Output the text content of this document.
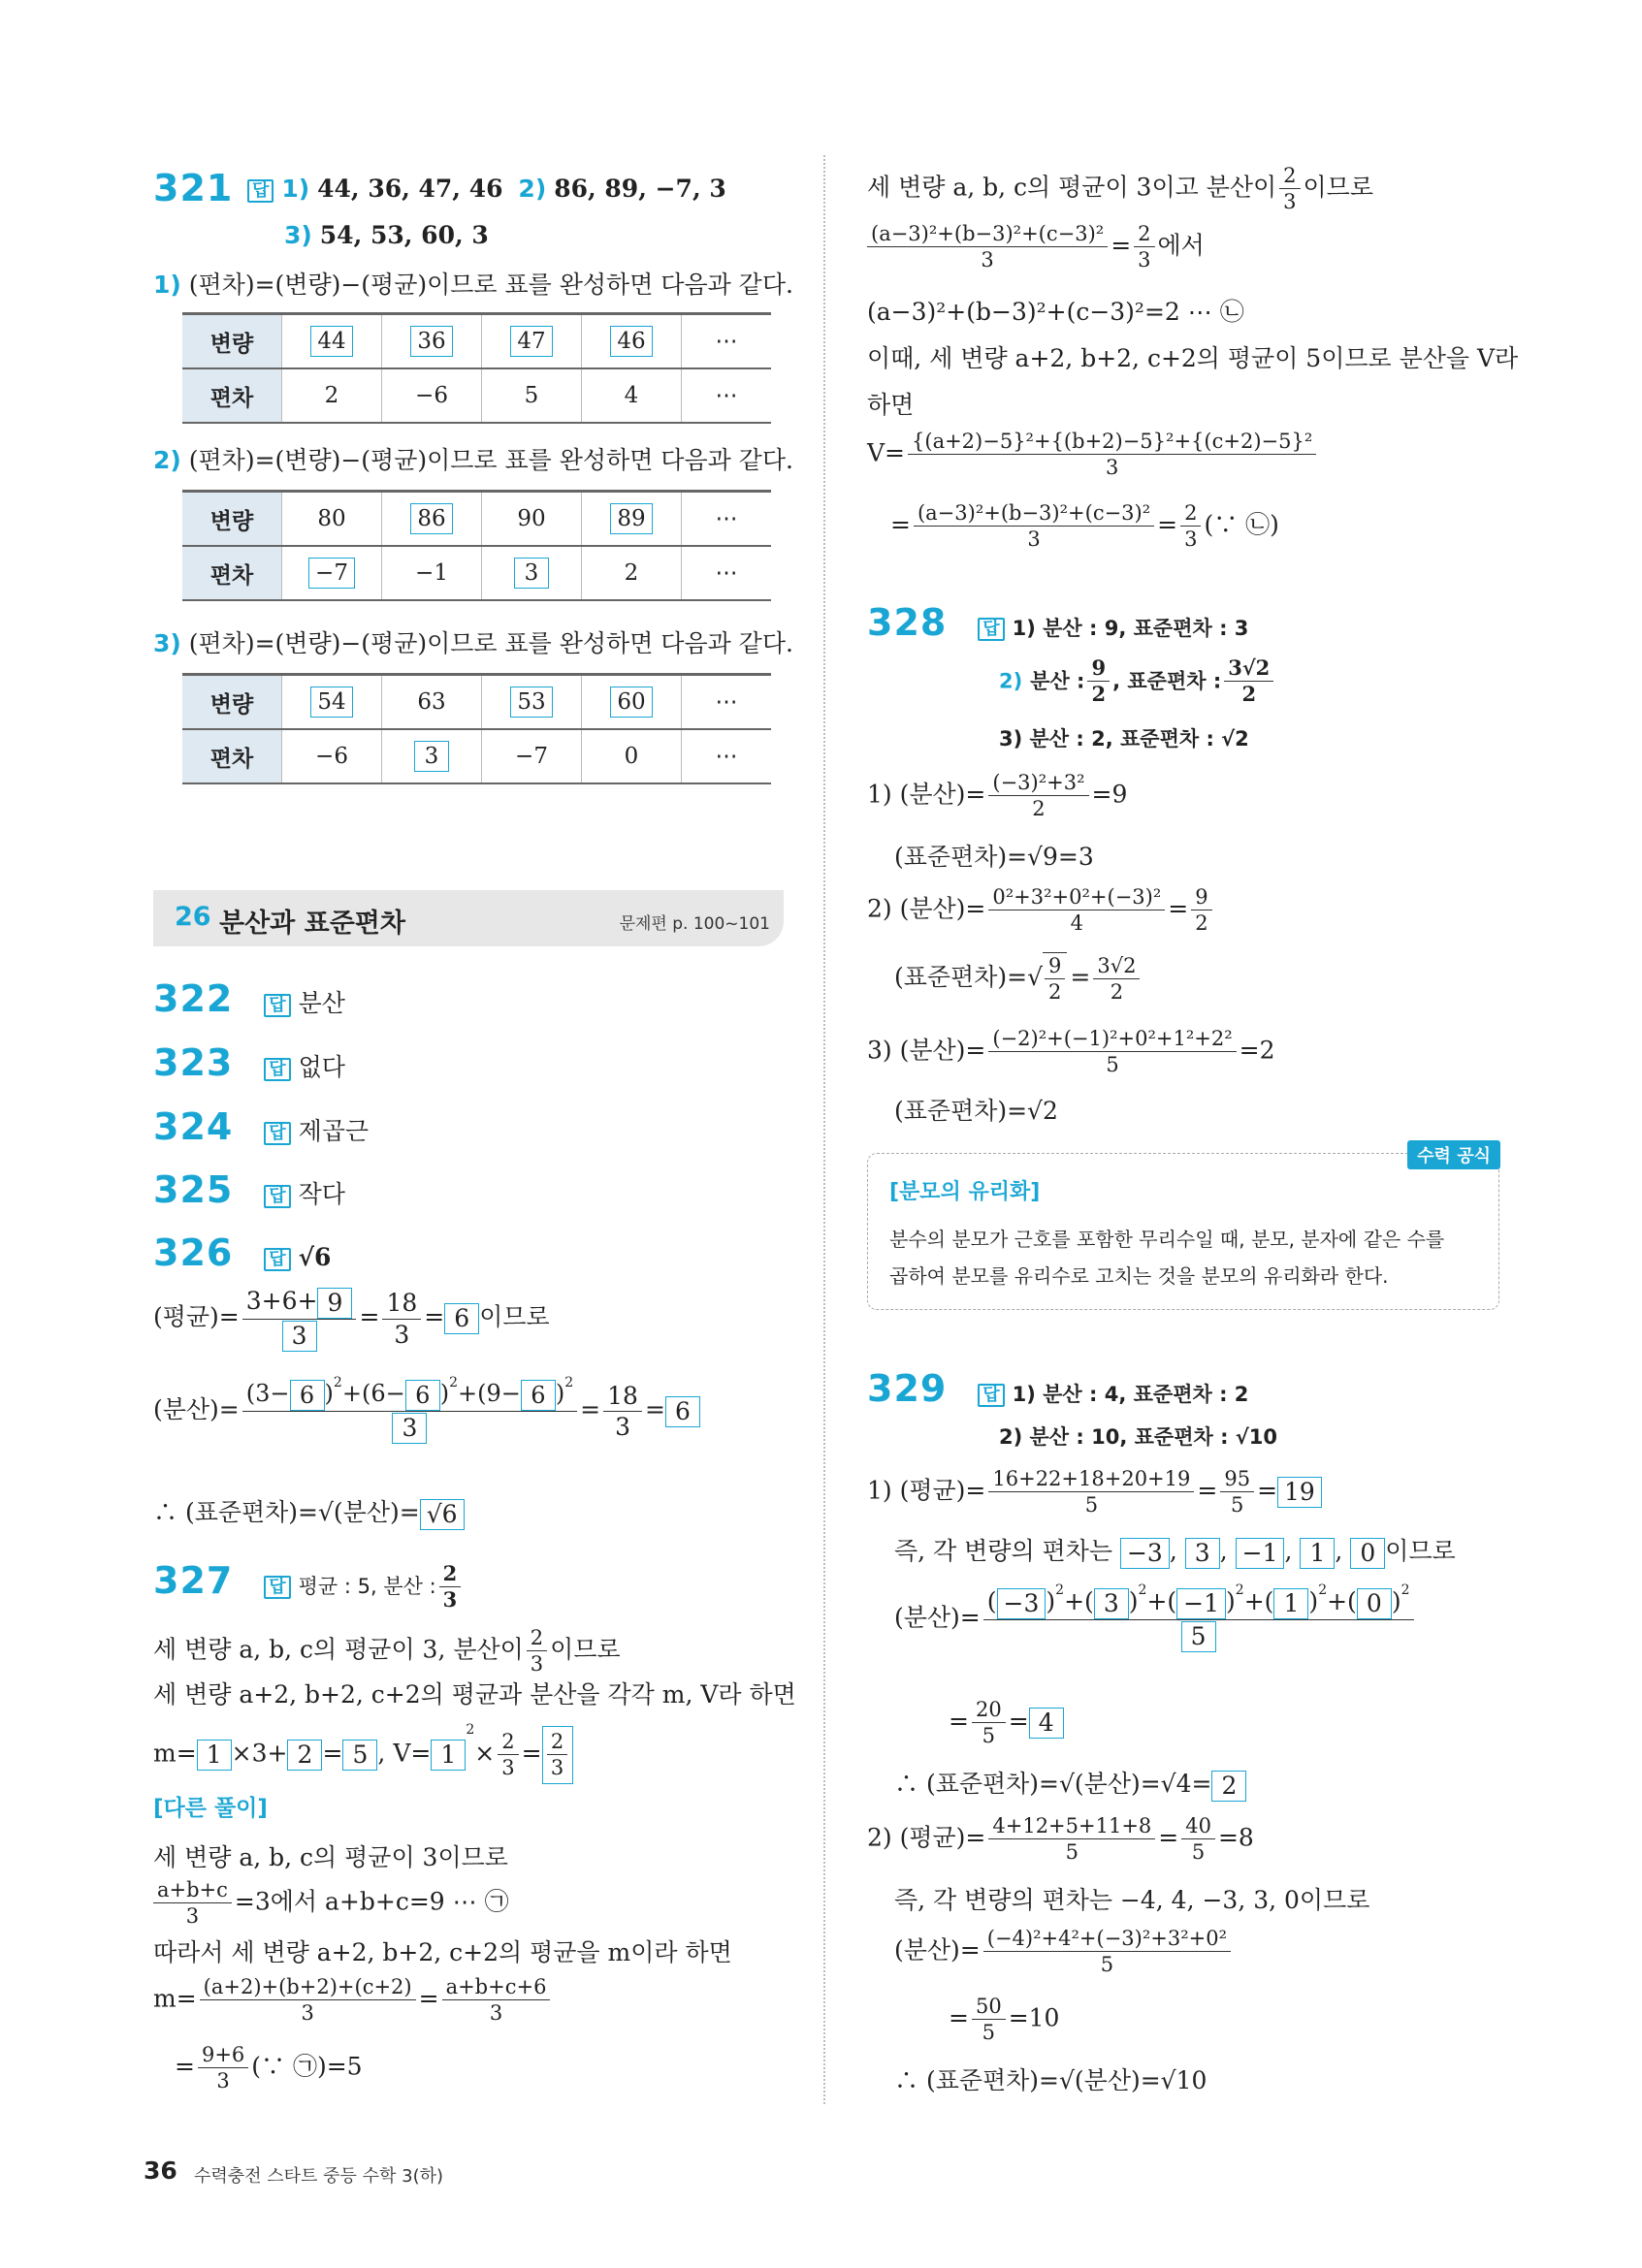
321 답 1) 44, 36, 47, 46 2) 86, 89, −7, 3
3) 54, 53, 60, 3
1) (편차)=(변량)−(평균)이므로 표를 완성하면 다음과 같다.
변량	44	36	47	46	⋯
편차	2	−6	5	4	⋯
2) (편차)=(변량)−(평균)이므로 표를 완성하면 다음과 같다.
변량	80	86	90	89	⋯
편차	−7	−1	3	2	⋯
3) (편차)=(변량)−(평균)이므로 표를 완성하면 다음과 같다.
변량	54	63	53	60	⋯
편차	−6	3	−7	0	⋯
26 분산과 표준편차	문제편 p. 100~101
322 답 분산
323 답 없다
324 답 제곱근
325 답 작다
326 답 √6
(평균)= $\frac{3+6+ 9}{3} = \frac{18}{3} = 6$ 이므로
(분산)= $\frac{(3- 6 )^2+(6- 6 )^2+(9- 6 )^2}{3} = \frac{18}{3} = 6$
∴ (표준편차)=√(분산)= √6
327 답 평균 : 5, 분산 : $\frac{2}{3}$
세 변량 a, b, c의 평균이 3, 분산이 $\frac{2}{3}$ 이므로
세 변량 a+2, b+2, c+2의 평균과 분산을 각각 m, V라 하면
m= 1 ×3+ 2 = 5 , $V= 1^2\times \frac{2}{3} = \frac{2}{3}$
[다른 풀이]
세 변량 a, b, c의 평균이 3이므로
$\frac{a+b+c}{3} =3$에서 a+b+c=9 ⋯ ㉠
따라서 세 변량 a+2, b+2, c+2의 평균을 m이라 하면
$m= \frac{(a+2)+(b+2)+(c+2)}{3} = \frac{a+b+c+6}{3}$
= $\frac{9+6}{3}$ (∵ ㉠)=5
세 변량 a, b, c의 평균이 3이고 분산이 $\frac{2}{3}$ 이므로
$\frac{\text{(a−3)²+(b−3)²+(c−3)²}}{3} = \frac{2}{3}$ 에서
(a−3)²+(b−3)²+(c−3)²=2 ⋯ ㉡
이때, 세 변량 a+2, b+2, c+2의 평균이 5이므로 분산을 V라
하면
$V= \frac{\text{\{(a+2)−5\}²+\{(b+2)−5\}²+\{(c+2)−5\}²}}{3}$
= $\frac{\text{(a−3)²+(b−3)²+(c−3)²}}{3} = \frac{2}{3}$ (∵ ㉡)
328 답 1) 분산 : 9, 표준편차 : 3
2) 분산 : $\frac{9}{2}$ , 표준편차 : $\frac{3√2}{2}$
3) 분산 : 2, 표준편차 : √2
1) (분산)= $\frac{\text{(−3)²+3²}}{2} =9$
(표준편차)=√9=3
2) (분산)= $\frac{\text{0²+3²+0²+(−3)²}}{4} = \frac{9}{2}$
(표준편차)=√ $\frac{9}{2} = \frac{3√2}{2}$
3) (분산)= $\frac{\text{(−2)²+(−1)²+0²+1²+2²}}{5} =2$
(표준편차)=√2
수력 공식
[분모의 유리화]
분수의 분모가 근호를 포함한 무리수일 때, 분모, 분자에 같은 수를
곱하여 분모를 유리수로 고치는 것을 분모의 유리화라 한다.
329 답 1) 분산 : 4, 표준편차 : 2
2) 분산 : 10, 표준편차 : √10
1) (평균)= $\frac{16+22+18+20+19}{5} = \frac{95}{5} = 19$
즉, 각 변량의 편차는 −3 , 3 , −1 , 1 , 0 이므로
(분산)= $\frac{( -3 )^2+( 3 )^2+( -1 )^2+( 1 )^2+( 0 )^2}{5}$
= $\frac{20}{5} = 4$
∴ (표준편차)=√(분산)=√4= 2
2) (평균)= $\frac{4+12+5+11+8}{5} = \frac{40}{5} =8$
즉, 각 변량의 편차는 −4, 4, −3, 3, 0이므로
(분산)= $\frac{\text{(−4)²+4²+(−3)²+3²+0²}}{5}$
= $\frac{50}{5} =10$
∴ (표준편차)=√(분산)=√10
36 수력충전 스타트 중등 수학 3(하)
